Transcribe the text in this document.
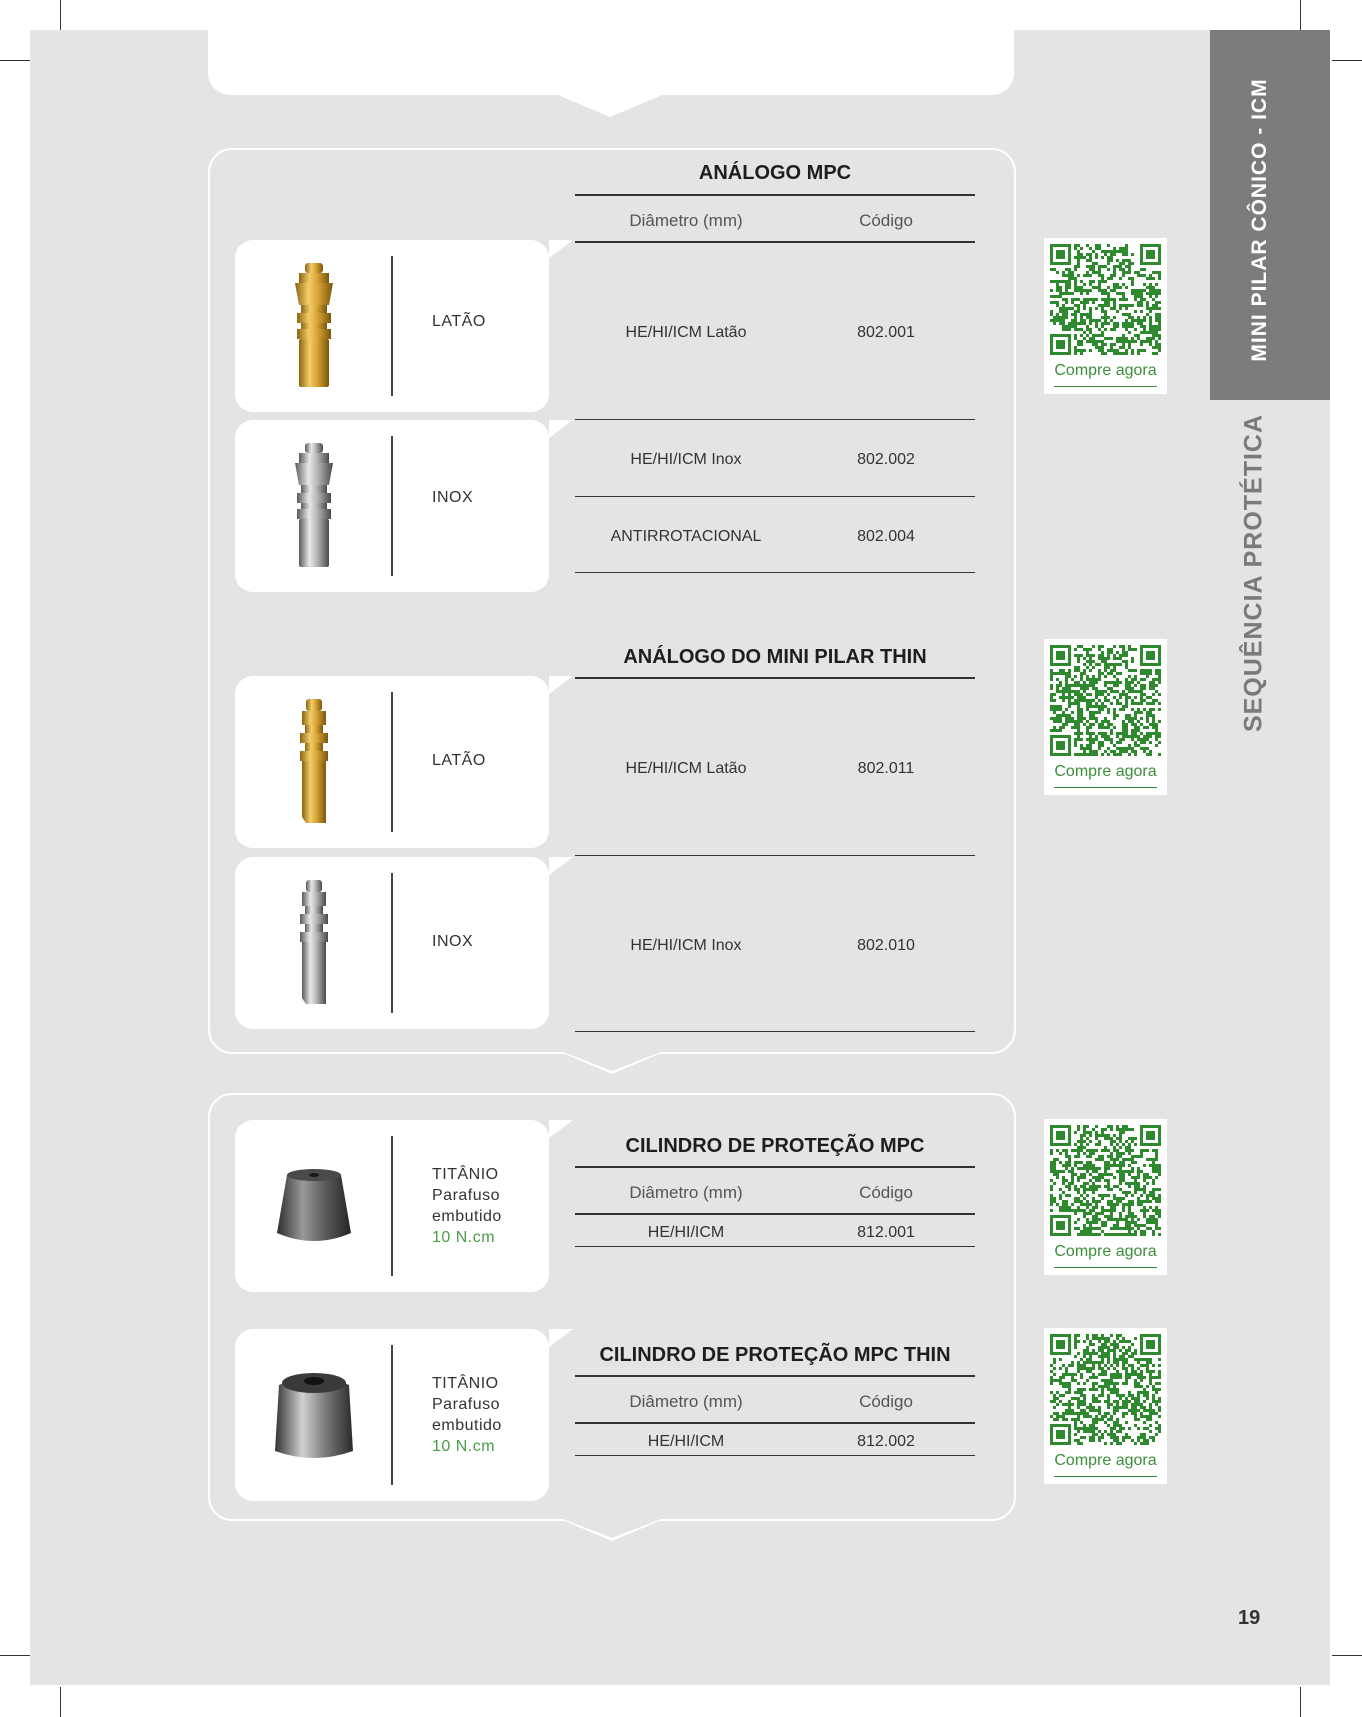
ANÁLOGO MPC
Diâmetro (mm)	Código
HE/HI/ICM Latão	802.001
HE/HI/ICM Inox	802.002
ANTIRROTACIONAL	802.004
ANÁLOGO DO MINI PILAR THIN
HE/HI/ICM Latão	802.011
HE/HI/ICM Inox	802.010
LATÃO
INOX
LATÃO
INOX
TITÂNIO
Parafuso
embutido
10 N.cm
CILINDRO DE PROTEÇÃO MPC
Diâmetro (mm)	Código
HE/HI/ICM	812.001
TITÂNIO
Parafuso
embutido
10 N.cm
CILINDRO DE PROTEÇÃO MPC THIN
Diâmetro (mm)	Código
HE/HI/ICM	812.002
Compre agora
Compre agora
Compre agora
Compre agora
MINI PILAR CÔNICO - ICM
SEQUÊNCIA PROTÉTICA
19
